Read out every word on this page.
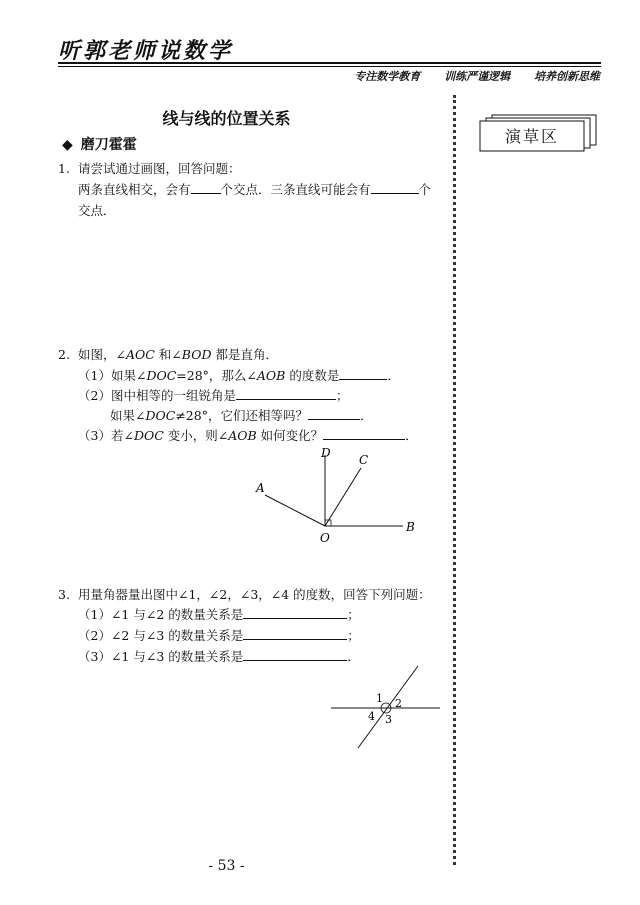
听郭老师说数学
专注数学教育 训练严谨逻辑 培养创新思维
演草区
线与线的位置关系
◆ 磨刀霍霍
1. 请尝试通过画图，回答问题：
两条直线相交，会有 个交点．三条直线可能会有	个
交点．
2. 如图，∠AOC 和∠BOD 都是直角．
（1）如果∠DOC=28°，那么∠AOB 的度数是	．
（2）图中相等的一组锐角是	；
如果∠DOC≠28°，它们还相等吗？	．
（3）若∠DOC 变小，则∠AOB 如何变化？	．
D C
A
B
O
3. 用量角器量出图中∠1，∠2，∠3，∠4 的度数，回答下列问题：
（1）∠1 与∠2 的数量关系是	；
（2）∠2 与∠3 的数量关系是	；
（3）∠1 与∠3 的数量关系是	．
1 2
3
4
- 53 -
